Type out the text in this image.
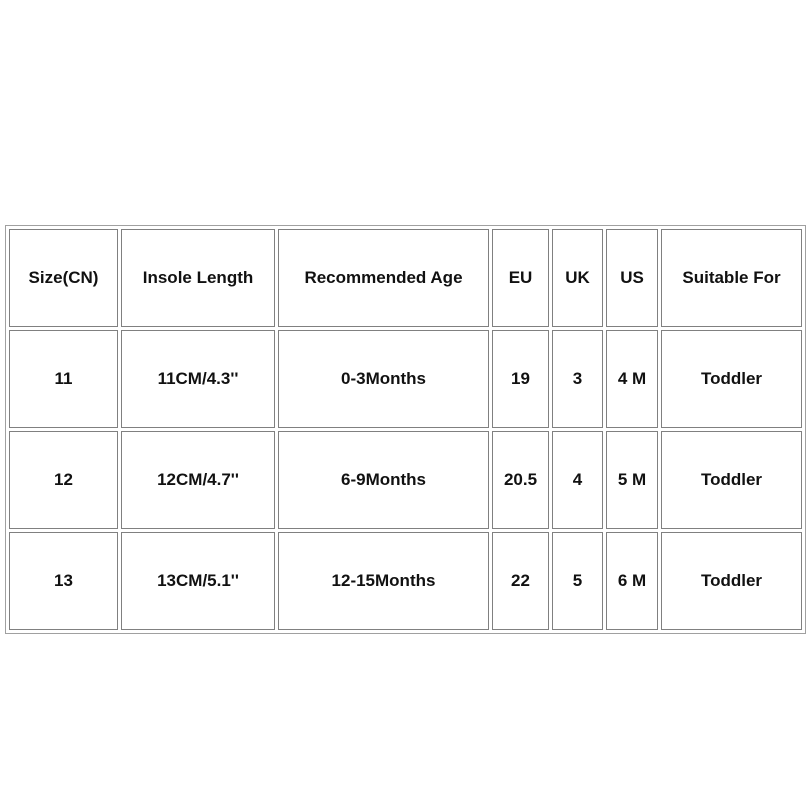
Size(CN)	Insole Length	Recommended Age	EU	UK	US	Suitable For
11	11CM/4.3''	0-3Months	19	3	4 M	Toddler
12	12CM/4.7''	6-9Months	20.5	4	5 M	Toddler
13	13CM/5.1''	12-15Months	22	5	6 M	Toddler
